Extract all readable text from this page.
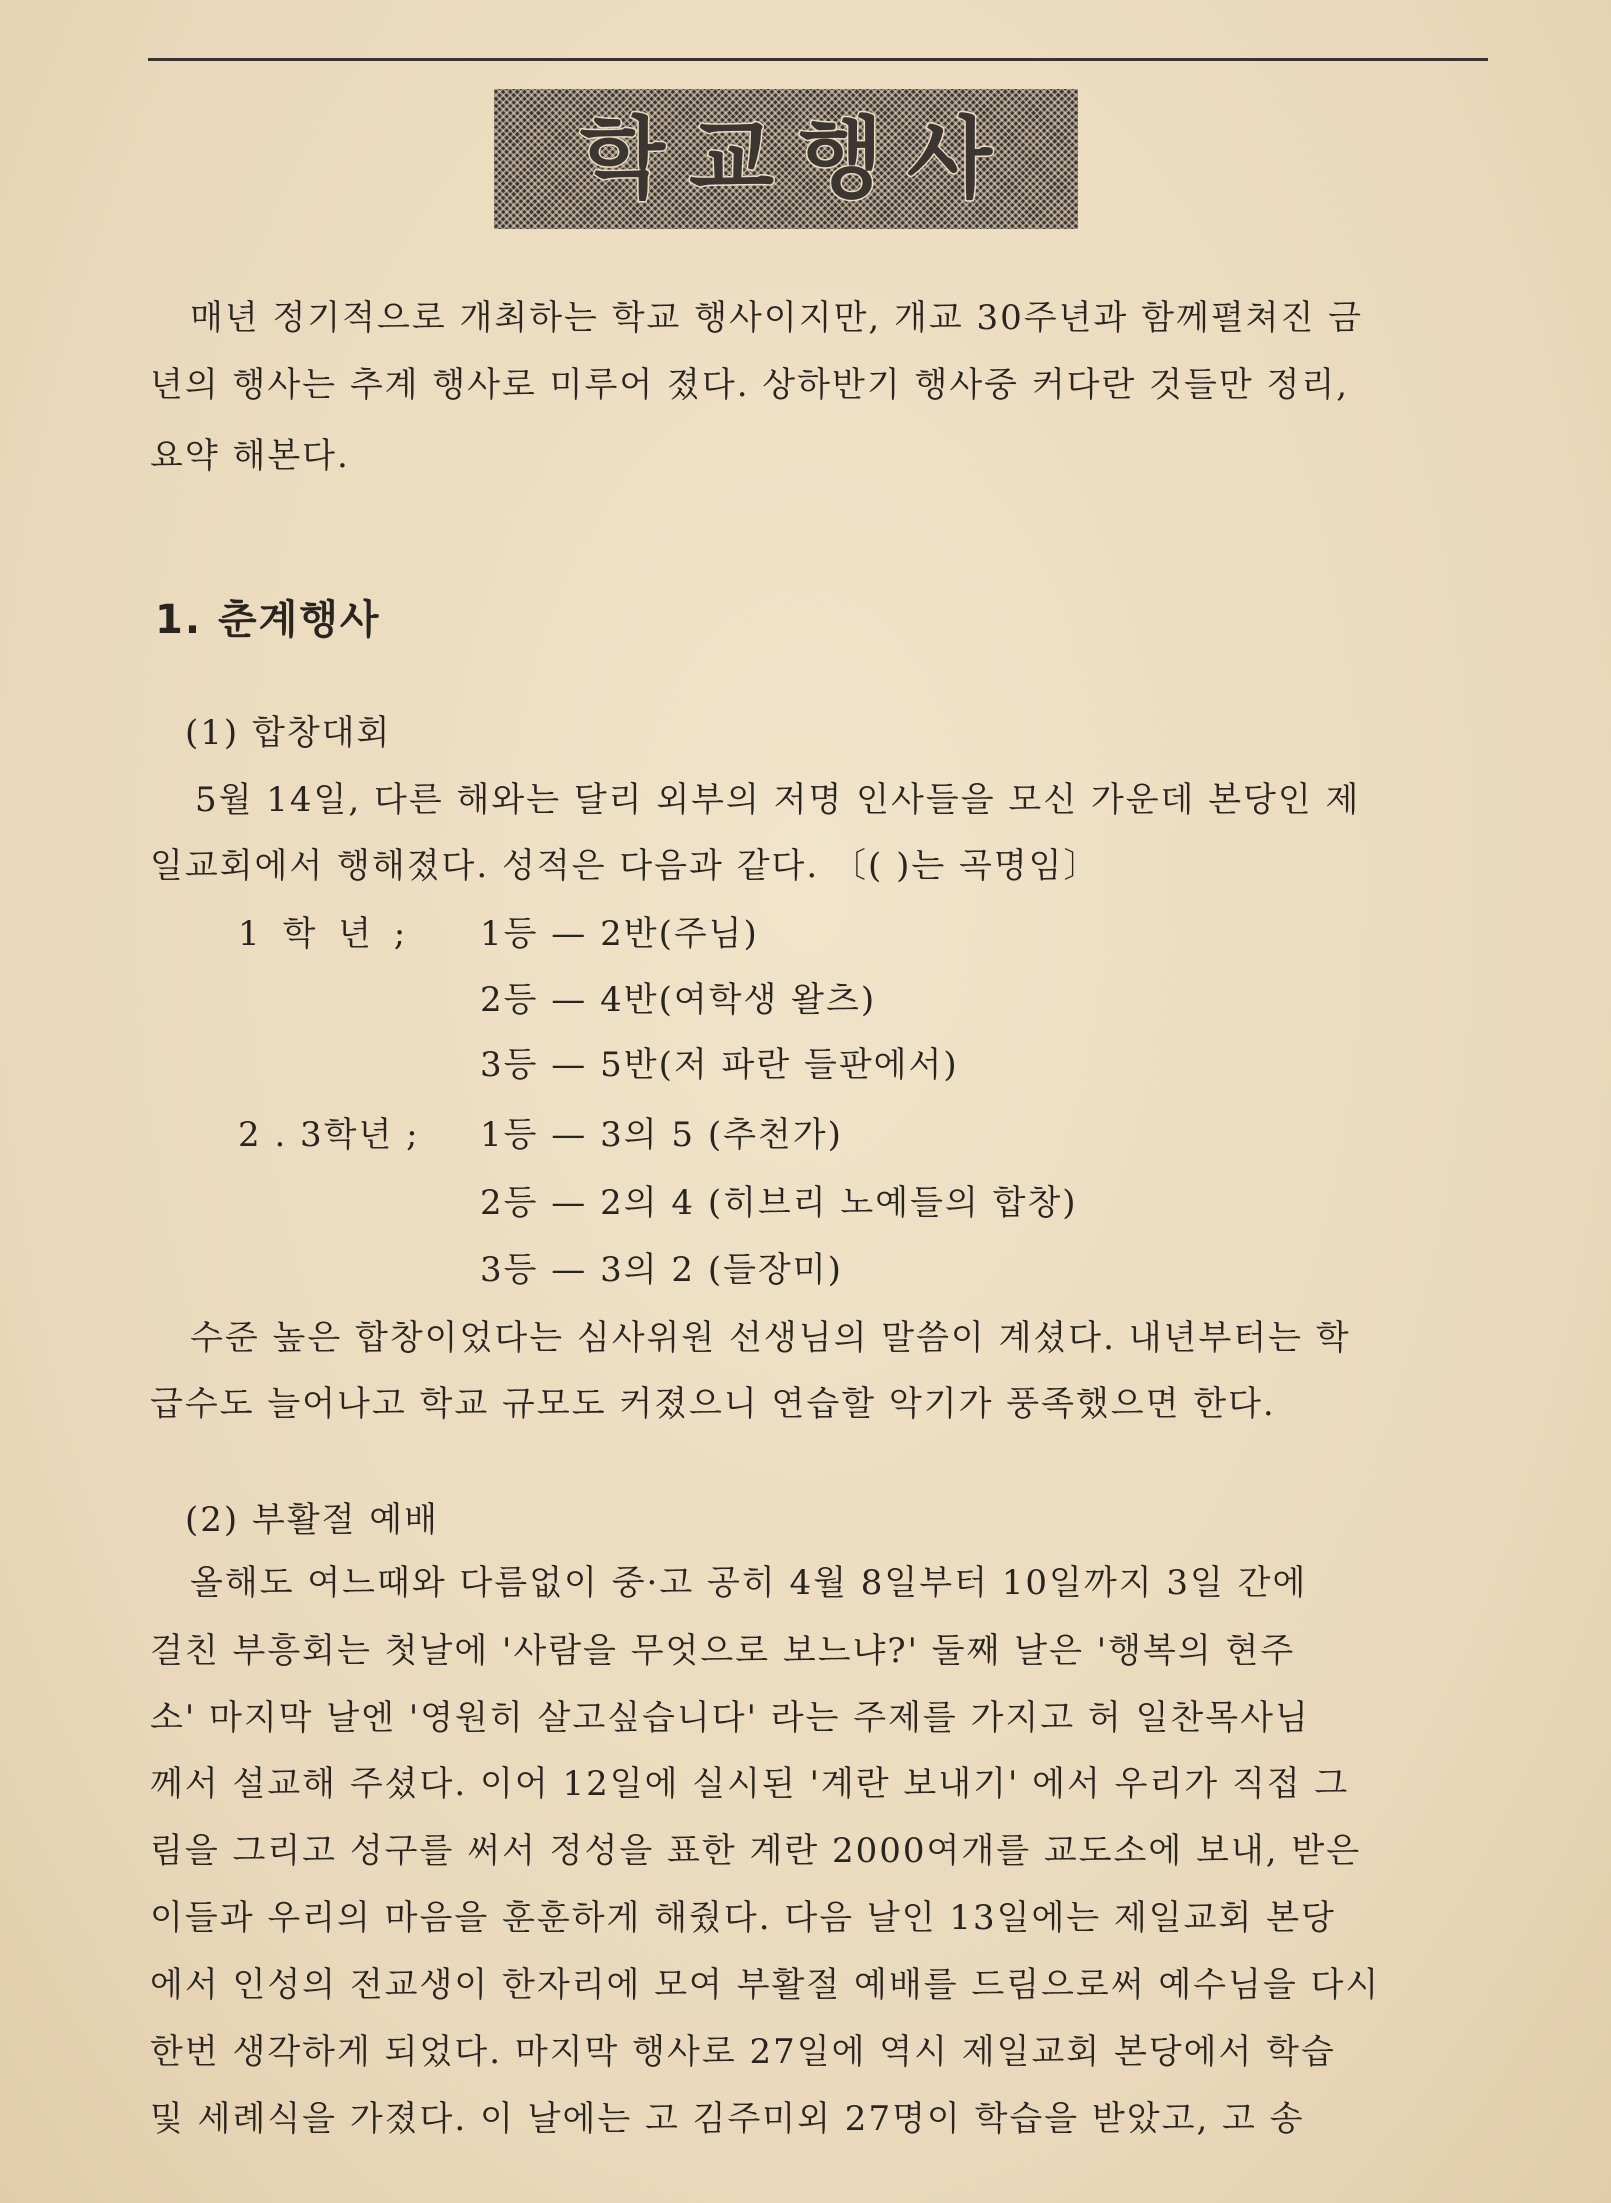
학교행사

매년 정기적으로 개최하는 학교 행사이지만, 개교 30주년과 함께펼쳐진 금

년의 행사는 추계 행사로 미루어 졌다. 상하반기 행사중 커다란 것들만 정리,

요약 해본다.

1. 춘계행사

(1) 합창대회

5월 14일, 다른 해와는 달리 외부의 저명 인사들을 모신 가운데 본당인 제

일교회에서 행해졌다. 성적은 다음과 같다. 〔( )는 곡명임〕

1 학 년 ; 1등 — 2반(주님)
2등 — 4반(여학생 왈츠)
3등 — 5반(저 파란 들판에서)
2 . 3학년 ; 1등 — 3의 5 (추천가)
2등 — 2의 4 (히브리 노예들의 합창)
3등 — 3의 2 (들장미)

수준 높은 합창이었다는 심사위원 선생님의 말씀이 계셨다. 내년부터는 학

급수도 늘어나고 학교 규모도 커졌으니 연습할 악기가 풍족했으면 한다.

(2) 부활절 예배

올해도 여느때와 다름없이 중·고 공히 4월 8일부터 10일까지 3일 간에

걸친 부흥회는 첫날에 '사람을 무엇으로 보느냐?' 둘째 날은 '행복의 현주

소' 마지막 날엔 '영원히 살고싶습니다' 라는 주제를 가지고 허 일찬목사님

께서 설교해 주셨다. 이어 12일에 실시된 '계란 보내기' 에서 우리가 직접 그

림을 그리고 성구를 써서 정성을 표한 계란 2000여개를 교도소에 보내, 받은

이들과 우리의 마음을 훈훈하게 해줬다. 다음 날인 13일에는 제일교회 본당

에서 인성의 전교생이 한자리에 모여 부활절 예배를 드림으로써 예수님을 다시

한번 생각하게 되었다. 마지막 행사로 27일에 역시 제일교회 본당에서 학습

및 세례식을 가졌다. 이 날에는 고 김주미외 27명이 학습을 받았고, 고 송
